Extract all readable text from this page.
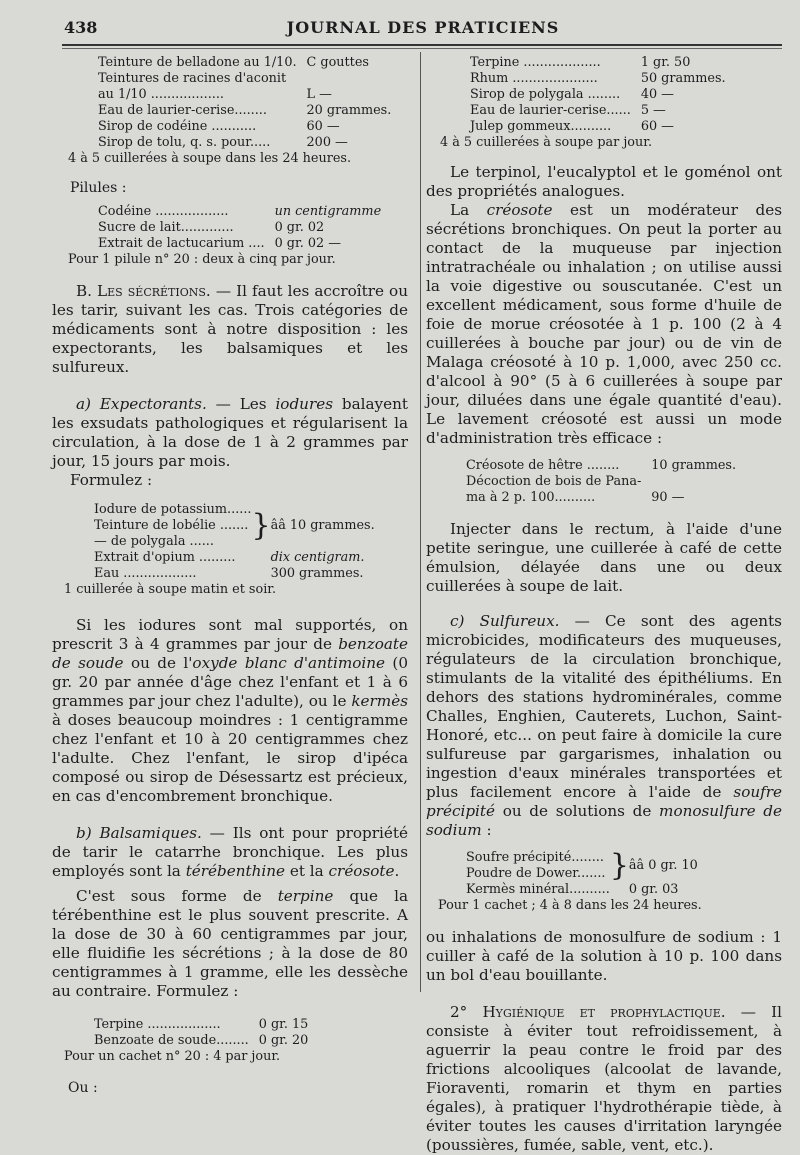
JOURNAL DES PRATICIENS
438
Teinture de belladone au 1/10.	C gouttes
Teintures de racines d'aconit	
au 1/10 ..................	L —
Eau de laurier-cerise........	20 grammes.
Sirop de codéine ...........	60 —
Sirop de tolu, q. s. pour.....	200 —

4 à 5 cuillerées à soupe dans les 24 heures.

Pilules :

Codéine ..................	un centigramme
Sucre de lait.............	0 gr. 02
Extrait de lactucarium ....	0 gr. 02 —

Pour 1 pilule n° 20 : deux à cinq par jour.

B. Les sécrétions. — Il faut les accroître ou les tarir, suivant les cas. Trois catégories de médicaments sont à notre disposition : les expectorants, les balsamiques et les sulfureux.

a) Expectorants. — Les iodures balayent les exsudats pathologiques et régularisent la circulation, à la dose de 1 à 2 grammes par jour, 15 jours par mois.

Formulez :

Iodure de potassium......	}	ââ 10 grammes.
Teinture de lobélie .......		
— de polygala ......		
Extrait d'opium .........		dix centigram.
Eau ..................		300 grammes.

1 cuillerée à soupe matin et soir.

Si les iodures sont mal supportés, on prescrit 3 à 4 grammes par jour de benzoate de soude ou de l'oxyde blanc d'antimoine (0 gr. 20 par année d'âge chez l'enfant et 1 à 6 grammes par jour chez l'adulte), ou le kermès à doses beaucoup moindres : 1 centigramme chez l'enfant et 10 à 20 centigrammes chez l'adulte. Chez l'enfant, le sirop d'ipéca composé ou sirop de Désessartz est précieux, en cas d'encombrement bronchique.

b) Balsamiques. — Ils ont pour propriété de tarir le catarrhe bronchique. Les plus employés sont la térébenthine et la créosote.

C'est sous forme de terpine que la térébenthine est le plus souvent prescrite. A la dose de 30 à 60 centigrammes par jour, elle fluidifie les sécrétions ; à la dose de 80 centigrammes à 1 gramme, elle les dessèche au contraire. Formulez :

Terpine ..................	0 gr. 15
Benzoate de soude........	0 gr. 20

Pour un cachet n° 20 : 4 par jour.

Ou :

Terpine ...................	1 gr. 50
Rhum .....................	50 grammes.
Sirop de polygala ........	40 —
Eau de laurier-cerise......	5 —
Julep gommeux..........	60 —

4 à 5 cuillerées à soupe par jour.

Le terpinol, l'eucalyptol et le goménol ont des propriétés analogues.

La créosote est un modérateur des sécrétions bronchiques. On peut la porter au contact de la muqueuse par injection intratrachéale ou inhalation ; on utilise aussi la voie digestive ou souscutanée. C'est un excellent médicament, sous forme d'huile de foie de morue créosotée à 1 p. 100 (2 à 4 cuillerées à bouche par jour) ou de vin de Malaga créosoté à 10 p. 1,000, avec 250 cc. d'alcool à 90° (5 à 6 cuillerées à soupe par jour, diluées dans une égale quantité d'eau). Le lavement créosoté est aussi un mode d'administration très efficace :

Créosote de hêtre ........	10 grammes.
Décoction de bois de Pana-	
ma à 2 p. 100..........	90 —

Injecter dans le rectum, à l'aide d'une petite seringue, une cuillerée à café de cette émulsion, délayée dans une ou deux cuillerées à soupe de lait.

c) Sulfureux. — Ce sont des agents microbicides, modificateurs des muqueuses, régulateurs de la circulation bronchique, stimulants de la vitalité des épithéliums. En dehors des stations hydrominérales, comme Challes, Enghien, Cauterets, Luchon, Saint-Honoré, etc... on peut faire à domicile la cure sulfureuse par gargarismes, inhalation ou ingestion d'eaux minérales transportées et plus facilement encore à l'aide de soufre précipité ou de solutions de monosulfure de sodium :

Soufre précipité........	}	ââ 0 gr. 10
Poudre de Dower.......		
Kermès minéral..........		0 gr. 03

Pour 1 cachet ; 4 à 8 dans les 24 heures.

ou inhalations de monosulfure de sodium : 1 cuiller à café de la solution à 10 p. 100 dans un bol d'eau bouillante.

2° Hygiénique et prophylactique. — Il consiste à éviter tout refroidissement, à aguerrir la peau contre le froid par des frictions alcooliques (alcoolat de lavande, Fioraventi, romarin et thym en parties égales), à pratiquer l'hydrothérapie tiède, à éviter toutes les causes d'irritation laryngée (poussières, fumée, sable, vent, etc.).
